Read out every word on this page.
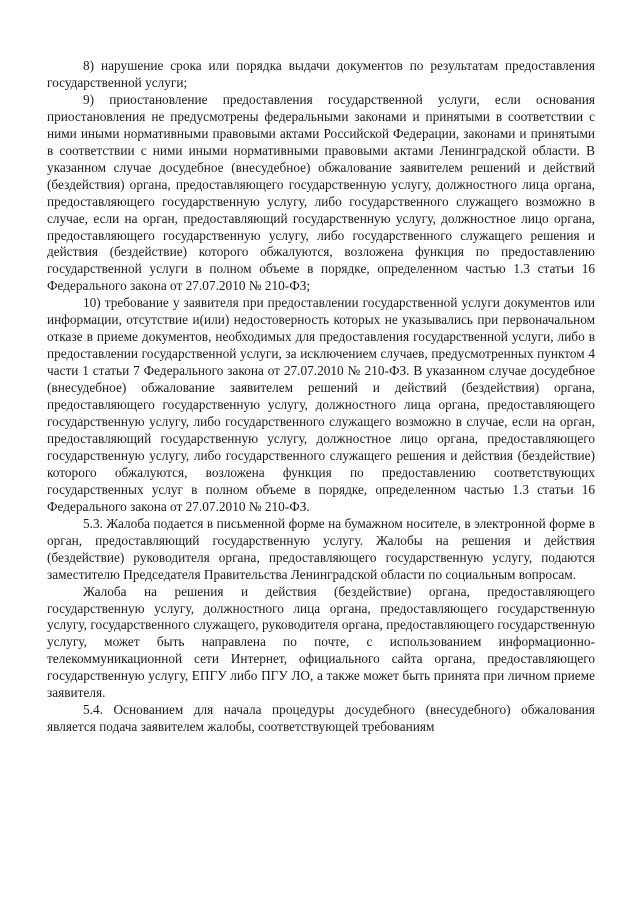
8) нарушение срока или порядка выдачи документов по результатам предоставления государственной услуги;

9) приостановление предоставления государственной услуги, если основания приостановления не предусмотрены федеральными законами и принятыми в соответствии с ними иными нормативными правовыми актами Российской Федерации, законами и принятыми в соответствии с ними иными нормативными правовыми актами Ленинградской области. В указанном случае досудебное (внесудебное) обжалование заявителем решений и действий (бездействия) органа, предоставляющего государственную услугу, должностного лица органа, предоставляющего государственную услугу, либо государственного служащего возможно в случае, если на орган, предоставляющий государственную услугу, должностное лицо органа, предоставляющего государственную услугу, либо государственного служащего решения и действия (бездействие) которого обжалуются, возложена функция по предоставлению государственной услуги в полном объеме в порядке, определенном частью 1.3 статьи 16 Федерального закона от 27.07.2010 № 210-ФЗ;

10) требование у заявителя при предоставлении государственной услуги документов или информации, отсутствие и(или) недостоверность которых не указывались при первоначальном отказе в приеме документов, необходимых для предоставления государственной услуги, либо в предоставлении государственной услуги, за исключением случаев, предусмотренных пунктом 4 части 1 статьи 7 Федерального закона от 27.07.2010 № 210-ФЗ. В указанном случае досудебное (внесудебное) обжалование заявителем решений и действий (бездействия) органа, предоставляющего государственную услугу, должностного лица органа, предоставляющего государственную услугу, либо государственного служащего возможно в случае, если на орган, предоставляющий государственную услугу, должностное лицо органа, предоставляющего государственную услугу, либо государственного служащего решения и действия (бездействие) которого обжалуются, возложена функция по предоставлению соответствующих государственных услуг в полном объеме в порядке, определенном частью 1.3 статьи 16 Федерального закона от 27.07.2010 № 210-ФЗ.

5.3. Жалоба подается в письменной форме на бумажном носителе, в электронной форме в орган, предоставляющий государственную услугу. Жалобы на решения и действия (бездействие) руководителя органа, предоставляющего государственную услугу, подаются заместителю Председателя Правительства Ленинградской области по социальным вопросам.

Жалоба на решения и действия (бездействие) органа, предоставляющего государственную услугу, должностного лица органа, предоставляющего государственную услугу, государственного служащего, руководителя органа, предоставляющего государственную услугу, может быть направлена по почте, с использованием информационно-телекоммуникационной сети Интернет, официального сайта органа, предоставляющего государственную услугу, ЕПГУ либо ПГУ ЛО, а также может быть принята при личном приеме заявителя.

5.4. Основанием для начала процедуры досудебного (внесудебного) обжалования является подача заявителем жалобы, соответствующей требованиям
